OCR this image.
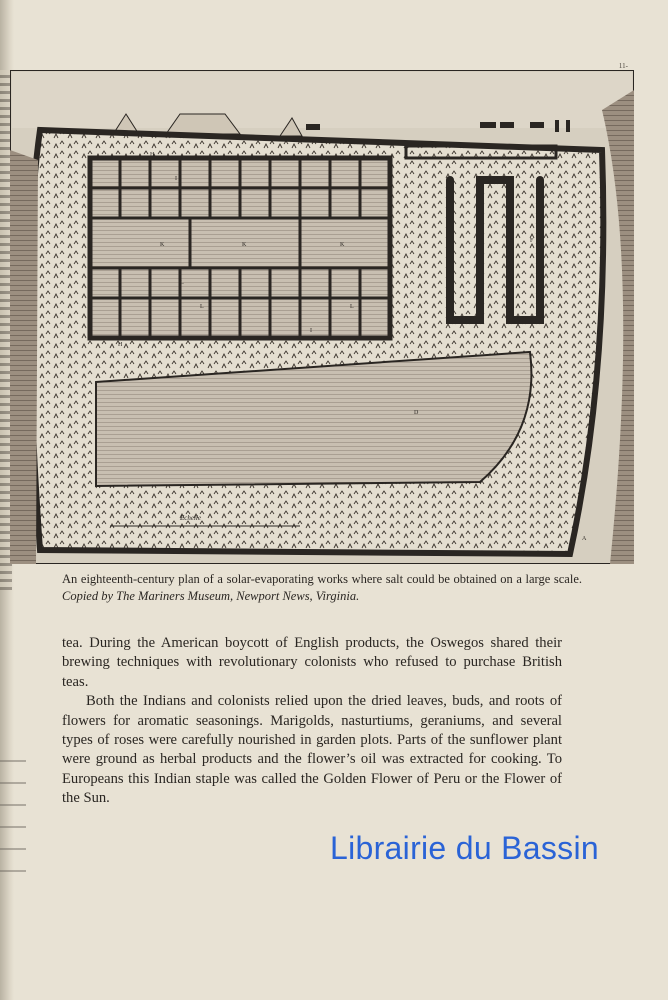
11-
Echelle
I
K	K	K
L
L	L
D
F	F	F
H
H
I
A
An eighteenth-century plan of a solar-evaporating works where salt could be obtained on a large scale. Copied by The Mariners Museum, Newport News, Virginia.

tea. During the American boycott of English products, the Oswegos shared their brewing techniques with revolutionary colonists who refused to purchase British teas.

Both the Indians and colonists relied upon the dried leaves, buds, and roots of flowers for aromatic seasonings. Marigolds, nasturtiums, geraniums, and several types of roses were carefully nourished in garden plots. Parts of the sunflower plant were ground as herbal products and the flower’s oil was extracted for cooking. To Europeans this Indian staple was called the Golden Flower of Peru or the Flower of the Sun.

Librairie du Bassin
